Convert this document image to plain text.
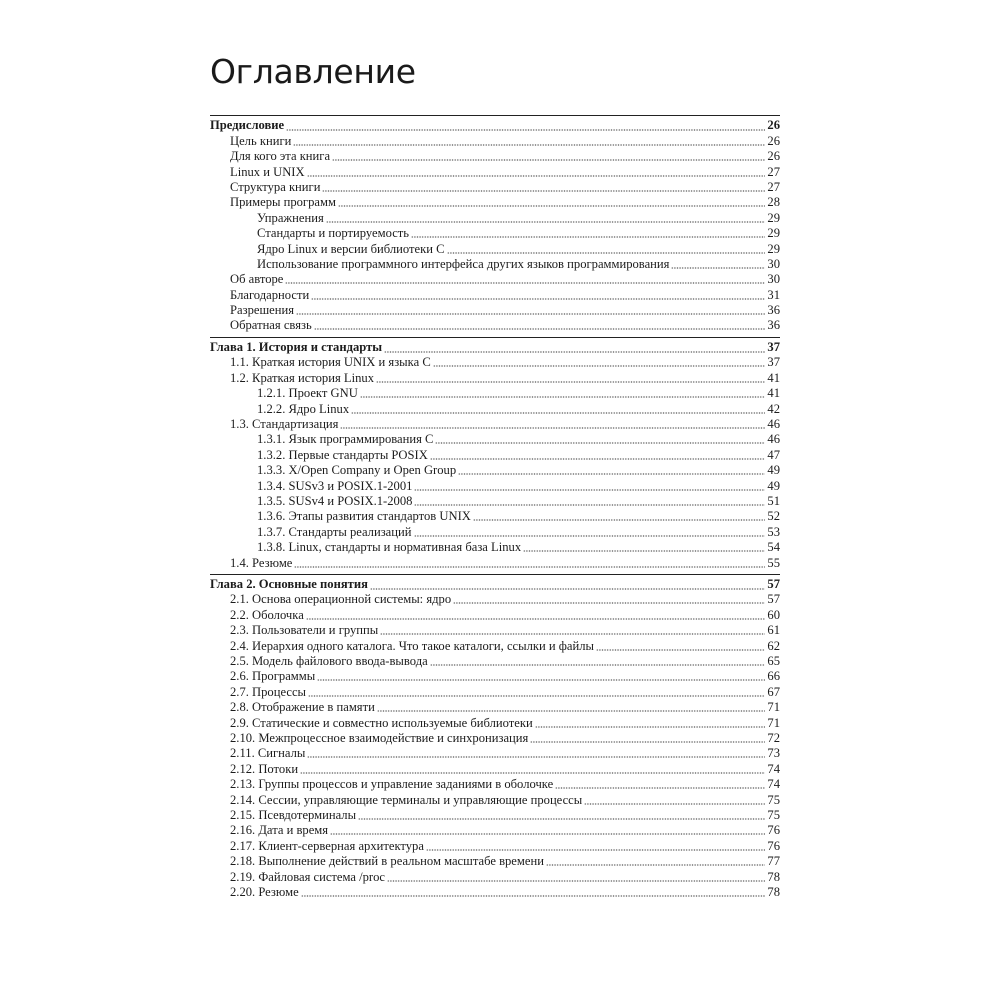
Оглавление
Предисловие	26
Цель книги	26
Для кого эта книга	26
Linux и UNIX	27
Структура книги	27
Примеры программ	28
Упражнения	29
Стандарты и портируемость	29
Ядро Linux и версии библиотеки С	29
Использование программного интерфейса других языков программирования	30
Об авторе	30
Благодарности	31
Разрешения	36
Обратная связь	36
Глава 1. История и стандарты	37
1.1. Краткая история UNIX и языка C	37
1.2. Краткая история Linux	41
1.2.1. Проект GNU	41
1.2.2. Ядро Linux	42
1.3. Стандартизация	46
1.3.1. Язык программирования С	46
1.3.2. Первые стандарты POSIX	47
1.3.3. X/Open Company и Open Group	49
1.3.4. SUSv3 и POSIX.1-2001	49
1.3.5. SUSv4 и POSIX.1-2008	51
1.3.6. Этапы развития стандартов UNIX	52
1.3.7. Стандарты реализаций	53
1.3.8. Linux, стандарты и нормативная база Linux	54
1.4. Резюме	55
Глава 2. Основные понятия	57
2.1. Основа операционной системы: ядро	57
2.2. Оболочка	60
2.3. Пользователи и группы	61
2.4. Иерархия одного каталога. Что такое каталоги, ссылки и файлы	62
2.5. Модель файлового ввода-вывода	65
2.6. Программы	66
2.7. Процессы	67
2.8. Отображение в памяти	71
2.9. Статические и совместно используемые библиотеки	71
2.10. Межпроцессное взаимодействие и синхронизация	72
2.11. Сигналы	73
2.12. Потоки	74
2.13. Группы процессов и управление заданиями в оболочке	74
2.14. Сессии, управляющие терминалы и управляющие процессы	75
2.15. Псевдотерминалы	75
2.16. Дата и время	76
2.17. Клиент-серверная архитектура	76
2.18. Выполнение действий в реальном масштабе времени	77
2.19. Файловая система /proc	78
2.20. Резюме	78
